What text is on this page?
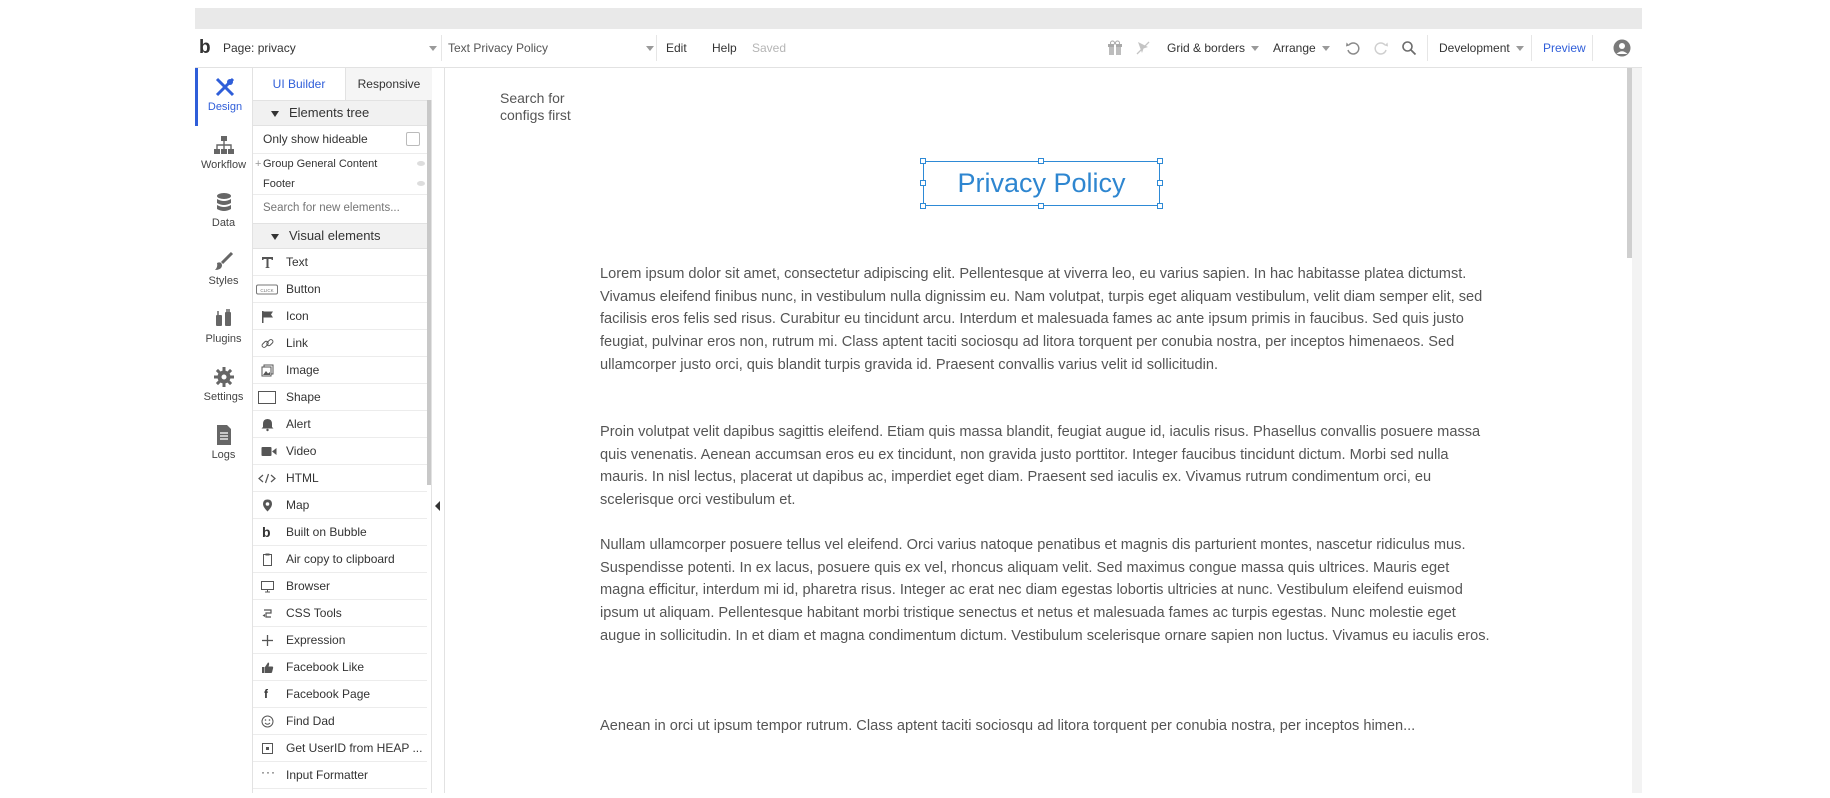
b Page: privacy	Text Privacy Policy	Edit Help Saved	Grid & borders	Arrange	Development	Preview
Design
Workflow
Data
Styles
Plugins
Settings
Logs
UI Builder	Responsive
Elements tree
Only show hideable
+ Group General Content
Footer
Search for new elements...
Visual elements
Text
CLICK Button
Icon
Link
Image
Shape
Alert
Video
HTML
Map
b Built on Bubble
Air copy to clipboard
Browser
CSS Tools
Expression
Facebook Like
f Facebook Page
Find Dad
Get UserID from HEAP ...
··· Input Formatter
Search for configs first
Privacy Policy
Lorem ipsum dolor sit amet, consectetur adipiscing elit. Pellentesque at viverra leo, eu varius sapien. In hac habitasse platea dictumst. Vivamus eleifend finibus nunc, in vestibulum nulla dignissim eu. Nam volutpat, turpis eget aliquam vestibulum, velit diam semper elit, sed facilisis eros felis sed risus. Curabitur eu tincidunt arcu. Interdum et malesuada fames ac ante ipsum primis in faucibus. Sed quis justo feugiat, pulvinar eros non, rutrum mi. Class aptent taciti sociosqu ad litora torquent per conubia nostra, per inceptos himenaeos. Sed ullamcorper justo orci, quis blandit turpis gravida id. Praesent convallis varius velit id sollicitudin.
Proin volutpat velit dapibus sagittis eleifend. Etiam quis massa blandit, feugiat augue id, iaculis risus. Phasellus convallis posuere massa quis venenatis. Aenean accumsan eros eu ex tincidunt, non gravida justo porttitor. Integer faucibus tincidunt dictum. Morbi sed nulla mauris. In nisl lectus, placerat ut dapibus ac, imperdiet eget diam. Praesent sed iaculis ex. Vivamus rutrum condimentum orci, eu scelerisque orci vestibulum et.
Nullam ullamcorper posuere tellus vel eleifend. Orci varius natoque penatibus et magnis dis parturient montes, nascetur ridiculus mus. Suspendisse potenti. In ex lacus, posuere quis ex vel, rhoncus aliquam velit. Sed maximus congue massa quis ultrices. Mauris eget magna efficitur, interdum mi id, pharetra risus. Integer ac erat nec diam egestas lobortis ultricies at nunc. Vestibulum eleifend euismod ipsum ut aliquam. Pellentesque habitant morbi tristique senectus et netus et malesuada fames ac turpis egestas. Nunc molestie eget augue in sollicitudin. In et diam et magna condimentum dictum. Vestibulum scelerisque ornare sapien non luctus. Vivamus eu iaculis eros.
Aenean in orci ut ipsum tempor rutrum. Class aptent taciti sociosqu ad litora torquent per conubia nostra, per inceptos himen...
